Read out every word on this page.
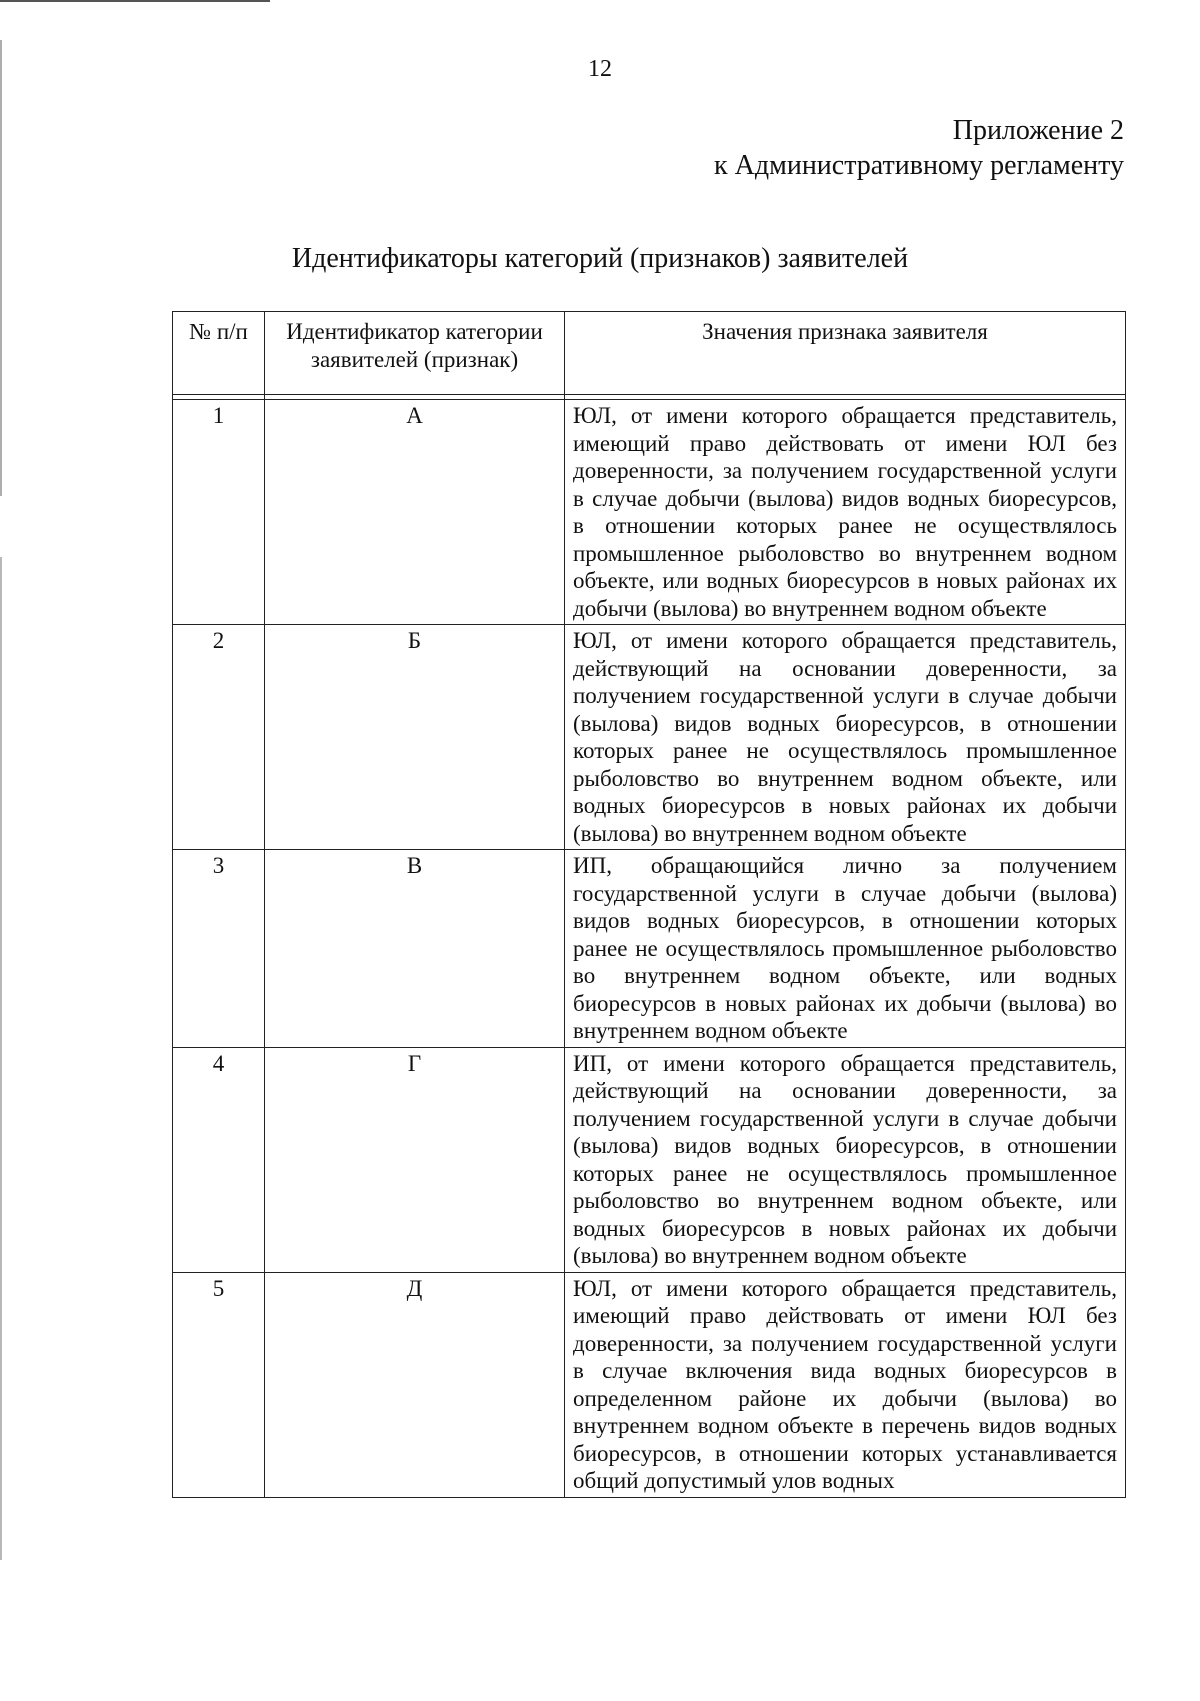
12
Приложение 2
к Административному регламенту
Идентификаторы категорий (признаков) заявителей
№ п/п	Идентификатор категории заявителей (признак)	Значения признака заявителя

1	А	ЮЛ, от имени которого обращается представитель, имеющий право действовать от имени ЮЛ без доверенности, за получением государственной услуги в случае добычи (вылова) видов водных биоресурсов, в отношении которых ранее не осуществлялось промышленное рыболовство во внутреннем водном объекте, или водных биоресурсов в новых районах их добычи (вылова) во внутреннем водном объекте
2	Б	ЮЛ, от имени которого обращается представитель, действующий на основании доверенности, за получением государственной услуги в случае добычи (вылова) видов водных биоресурсов, в отношении которых ранее не осуществлялось промышленное рыболовство во внутреннем водном объекте, или водных биоресурсов в новых районах их добычи (вылова) во внутреннем водном объекте
3	В	ИП, обращающийся лично за получением государственной услуги в случае добычи (вылова) видов водных биоресурсов, в отношении которых ранее не осуществлялось промышленное рыболовство во внутреннем водном объекте, или водных биоресурсов в новых районах их добычи (вылова) во внутреннем водном объекте
4	Г	ИП, от имени которого обращается представитель, действующий на основании доверенности, за получением государственной услуги в случае добычи (вылова) видов водных биоресурсов, в отношении которых ранее не осуществлялось промышленное рыболовство во внутреннем водном объекте, или водных биоресурсов в новых районах их добычи (вылова) во внутреннем водном объекте
5	Д	ЮЛ, от имени которого обращается представитель, имеющий право действовать от имени ЮЛ без доверенности, за получением государственной услуги в случае включения вида водных биоресурсов в определенном районе их добычи (вылова) во внутреннем водном объекте в перечень видов водных биоресурсов, в отношении которых устанавливается общий допустимый улов водных
